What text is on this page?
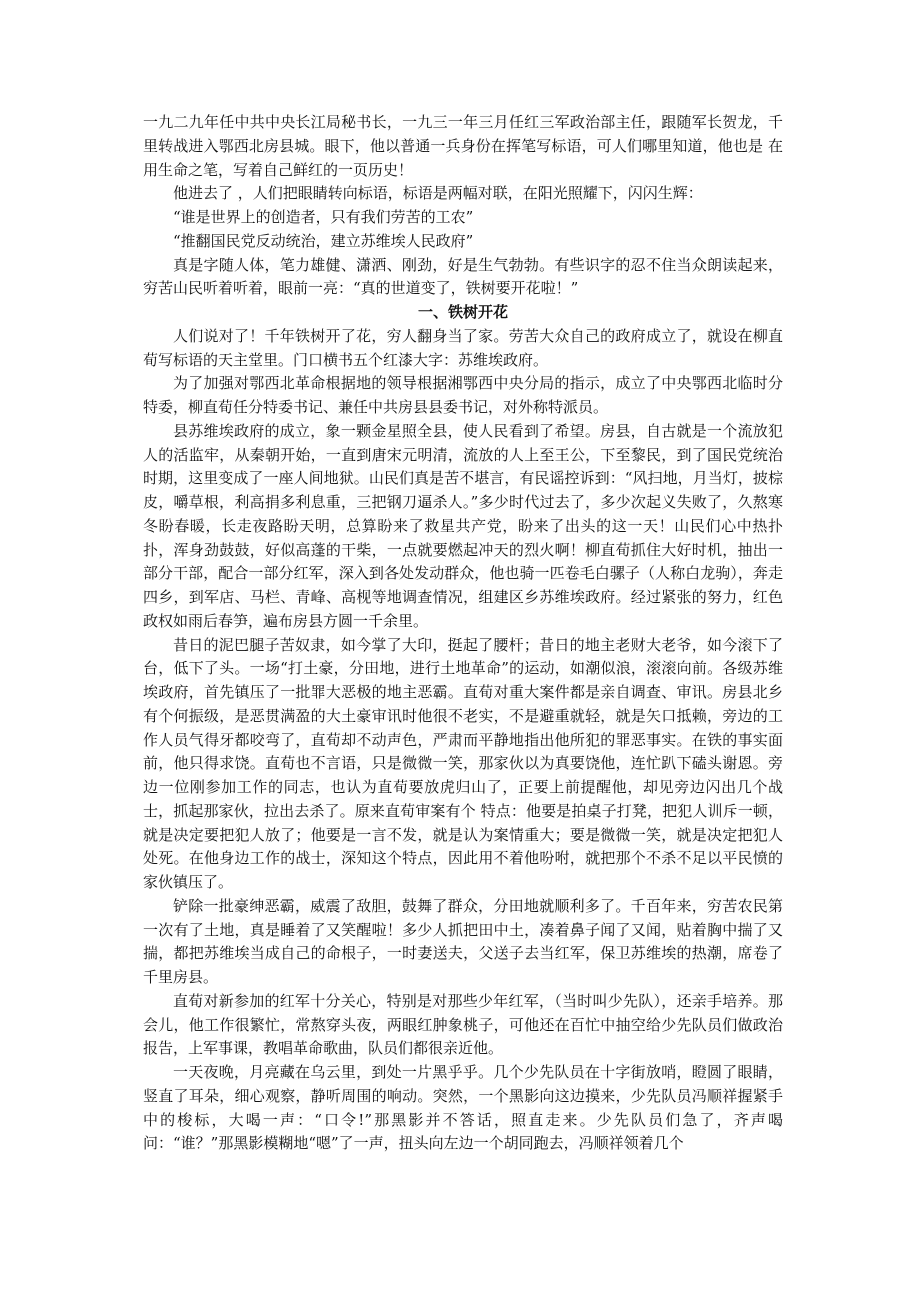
一九二九年任中共中央长江局秘书长，一九三一年三月任红三军政治部主任，跟随军长贺龙，千里转战进入鄂西北房县城。眼下，他以普通一兵身份在挥笔写标语，可人们哪里知道，他也是 在用生命之笔，写着自己鲜红的一页历史！

他进去了 ，人们把眼睛转向标语，标语是两幅对联，在阳光照耀下，闪闪生辉：

“谁是世界上的创造者，只有我们劳苦的工农”

“推翻国民党反动统治，建立苏维埃人民政府”

真是字随人体，笔力雄健、潇洒、刚劲，好是生气勃勃。有些识字的忍不住当众朗读起来，穷苦山民听着听着，眼前一亮：“真的世道变了，铁树要开花啦！”

一、铁树开花

人们说对了！千年铁树开了花，穷人翻身当了家。劳苦大众自己的政府成立了，就设在柳直荀写标语的天主堂里。门口横书五个红漆大字：苏维埃政府。

为了加强对鄂西北革命根据地的领导根据湘鄂西中央分局的指示，成立了中央鄂西北临时分特委，柳直荀任分特委书记、兼任中共房县县委书记，对外称特派员。

县苏维埃政府的成立，象一颗金星照全县，使人民看到了希望。房县，自古就是一个流放犯人的活监牢，从秦朝开始，一直到唐宋元明清，流放的人上至王公，下至黎民，到了国民党统治时期，这里变成了一座人间地狱。山民们真是苦不堪言，有民谣控诉到：“风扫地，月当灯，披棕皮，嚼草根，利高捐多利息重，三把钢刀逼杀人。”多少时代过去了，多少次起义失败了，久熬寒冬盼春暖，长走夜路盼天明，总算盼来了救星共产党，盼来了出头的这一天！山民们心中热扑扑，浑身劲鼓鼓，好似高蓬的干柴，一点就要燃起冲天的烈火啊！柳直荀抓住大好时机，抽出一部分干部，配合一部分红军，深入到各处发动群众，他也骑一匹卷毛白骡子（人称白龙驹），奔走四乡，到军店、马栏、青峰、高枧等地调查情况，组建区乡苏维埃政府。经过紧张的努力，红色政权如雨后春笋，遍布房县方圆一千余里。

昔日的泥巴腿子苦奴隶，如今掌了大印，挺起了腰杆；昔日的地主老财大老爷，如今滚下了台，低下了头。一场“打土豪，分田地，进行土地革命”的运动，如潮似浪，滚滚向前。各级苏维埃政府，首先镇压了一批罪大恶极的地主恶霸。直荀对重大案件都是亲自调查、审讯。房县北乡有个何振级，是恶贯满盈的大土豪审讯时他很不老实，不是避重就轻，就是矢口抵赖，旁边的工作人员气得牙都咬弯了，直荀却不动声色，严肃而平静地指出他所犯的罪恶事实。在铁的事实面前，他只得求饶。直荀也不言语，只是微微一笑，那家伙以为真要饶他，连忙趴下磕头谢恩。旁边一位刚参加工作的同志，也认为直荀要放虎归山了，正要上前提醒他，却见旁边闪出几个战士，抓起那家伙，拉出去杀了。原来直荀审案有个 特点：他要是拍桌子打凳，把犯人训斥一顿，就是决定要把犯人放了；他要是一言不发，就是认为案情重大；要是微微一笑，就是决定把犯人处死。在他身边工作的战士，深知这个特点，因此用不着他吩咐，就把那个不杀不足以平民愤的家伙镇压了。

铲除一批豪绅恶霸，威震了敌胆，鼓舞了群众，分田地就顺利多了。千百年来，穷苦农民第一次有了土地，真是睡着了又笑醒啦！多少人抓把田中土，凑着鼻子闻了又闻，贴着胸中揣了又揣，都把苏维埃当成自己的命根子，一时妻送夫，父送子去当红军，保卫苏维埃的热潮，席卷了千里房县。

直荀对新参加的红军十分关心，特别是对那些少年红军，（当时叫少先队），还亲手培养。那会儿，他工作很繁忙，常熬穿头夜，两眼红肿象桃子，可他还在百忙中抽空给少先队员们做政治报告，上军事课，教唱革命歌曲，队员们都很亲近他。

一天夜晚，月亮藏在乌云里，到处一片黑乎乎。几个少先队员在十字街放哨，瞪圆了眼睛，竖直了耳朵，细心观察，静听周围的响动。突然，一个黑影向这边摸来，少先队员冯顺祥握紧手中的梭标，大喝一声：“口令!”那黑影并不答话，照直走来。少先队员们急了，齐声喝问：“谁？”那黑影模糊地“嗯”了一声，扭头向左边一个胡同跑去，冯顺祥领着几个
